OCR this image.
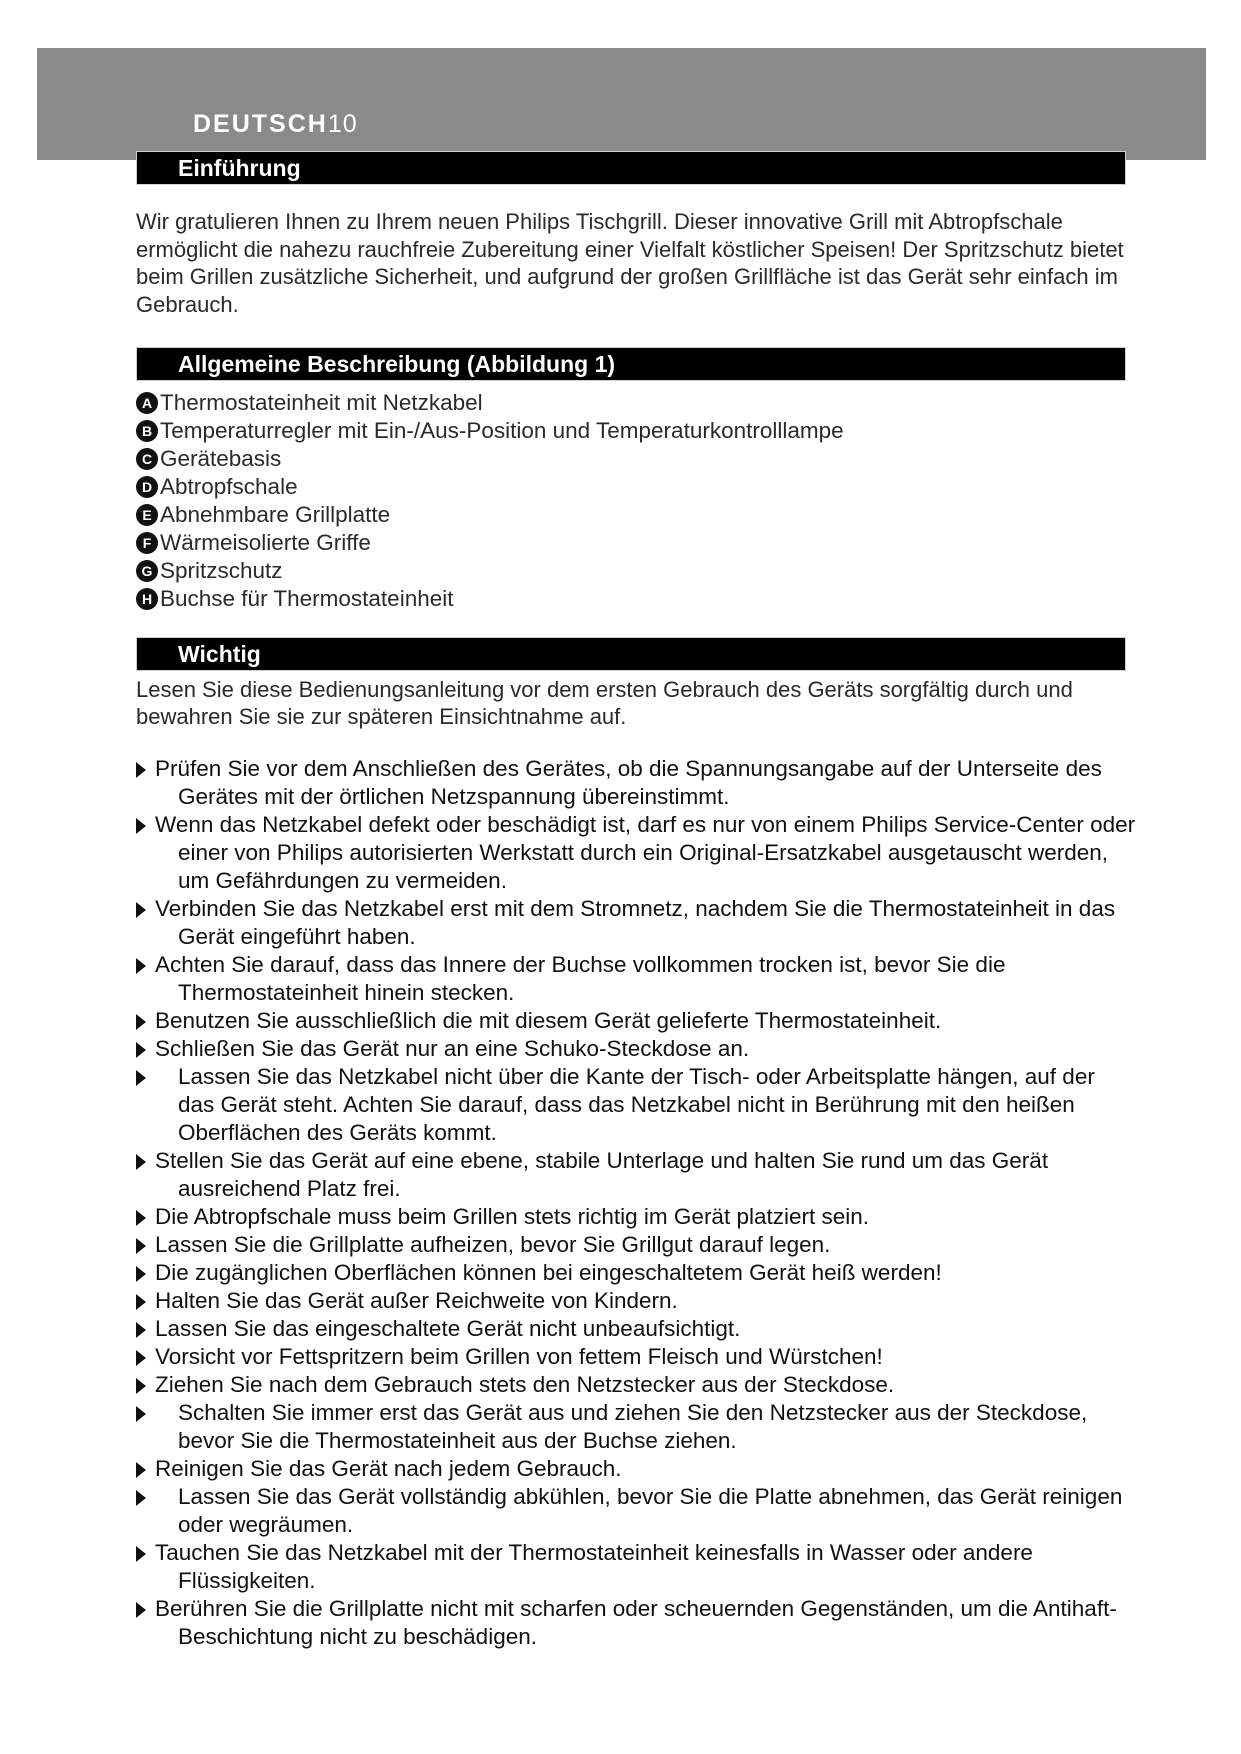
DEUTSCH10
Einführung
Wir gratulieren Ihnen zu Ihrem neuen Philips Tischgrill. Dieser innovative Grill mit Abtropfschale ermöglicht die nahezu rauchfreie Zubereitung einer Vielfalt köstlicher Speisen! Der Spritzschutz bietet beim Grillen zusätzliche Sicherheit, und aufgrund der großen Grillfläche ist das Gerät sehr einfach im Gebrauch.
Allgemeine Beschreibung (Abbildung 1)
A Thermostateinheit mit Netzkabel
B Temperaturregler mit Ein-/Aus-Position und Temperaturkontrolllampe
C Gerätebasis
D Abtropfschale
E Abnehmbare Grillplatte
F Wärmeisolierte Griffe
G Spritzschutz
H Buchse für Thermostateinheit
Wichtig
Lesen Sie diese Bedienungsanleitung vor dem ersten Gebrauch des Geräts sorgfältig durch und bewahren Sie sie zur späteren Einsichtnahme auf.
Prüfen Sie vor dem Anschließen des Gerätes, ob die Spannungsangabe auf der Unterseite des Gerätes mit der örtlichen Netzspannung übereinstimmt.
Wenn das Netzkabel defekt oder beschädigt ist, darf es nur von einem Philips Service-Center oder einer von Philips autorisierten Werkstatt durch ein Original-Ersatzkabel ausgetauscht werden, um Gefährdungen zu vermeiden.
Verbinden Sie das Netzkabel erst mit dem Stromnetz, nachdem Sie die Thermostateinheit in das Gerät eingeführt haben.
Achten Sie darauf, dass das Innere der Buchse vollkommen trocken ist, bevor Sie die Thermostateinheit hinein stecken.
Benutzen Sie ausschließlich die mit diesem Gerät gelieferte Thermostateinheit.
Schließen Sie das Gerät nur an eine Schuko-Steckdose an.
Lassen Sie das Netzkabel nicht über die Kante der Tisch- oder Arbeitsplatte hängen, auf der das Gerät steht. Achten Sie darauf, dass das Netzkabel nicht in Berührung mit den heißen Oberflächen des Geräts kommt.
Stellen Sie das Gerät auf eine ebene, stabile Unterlage und halten Sie rund um das Gerät ausreichend Platz frei.
Die Abtropfschale muss beim Grillen stets richtig im Gerät platziert sein.
Lassen Sie die Grillplatte aufheizen, bevor Sie Grillgut darauf legen.
Die zugänglichen Oberflächen können bei eingeschaltetem Gerät heiß werden!
Halten Sie das Gerät außer Reichweite von Kindern.
Lassen Sie das eingeschaltete Gerät nicht unbeaufsichtigt.
Vorsicht vor Fettspritzern beim Grillen von fettem Fleisch und Würstchen!
Ziehen Sie nach dem Gebrauch stets den Netzstecker aus der Steckdose.
Schalten Sie immer erst das Gerät aus und ziehen Sie den Netzstecker aus der Steckdose, bevor Sie die Thermostateinheit aus der Buchse ziehen.
Reinigen Sie das Gerät nach jedem Gebrauch.
Lassen Sie das Gerät vollständig abkühlen, bevor Sie die Platte abnehmen, das Gerät reinigen oder wegräumen.
Tauchen Sie das Netzkabel mit der Thermostateinheit keinesfalls in Wasser oder andere Flüssigkeiten.
Berühren Sie die Grillplatte nicht mit scharfen oder scheuernden Gegenständen, um die Antihaft-Beschichtung nicht zu beschädigen.
